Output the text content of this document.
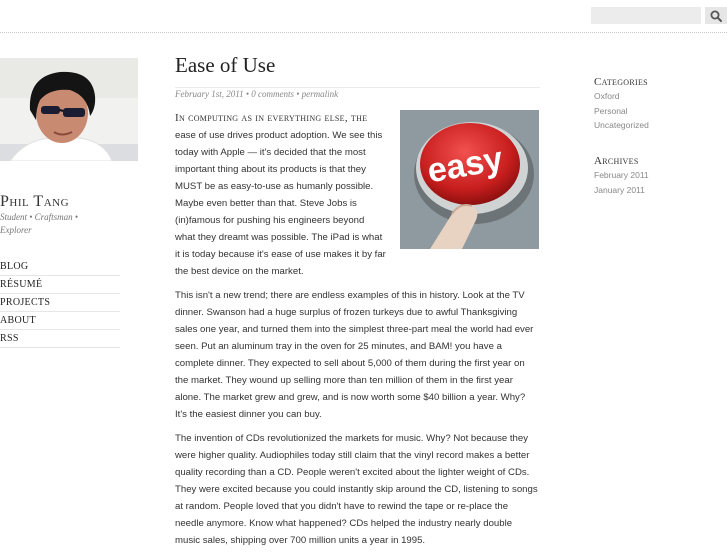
Phil Tang
Student • Craftsman • Explorer
BLOG
RÉSUMÉ
PROJECTS
ABOUT
RSS
Ease of Use
February 1st, 2011 • 0 comments • permalink
easy

In computing as in everything else, the ease of use drives product adoption. We see this today with Apple — it's decided that the most important thing about its products is that they MUST be as easy-to-use as humanly possible. Maybe even better than that. Steve Jobs is (in)famous for pushing his engineers beyond what they dreamt was possible. The iPad is what it is today because it's ease of use makes it by far the best device on the market.

This isn't a new trend; there are endless examples of this in history. Look at the TV dinner. Swanson had a huge surplus of frozen turkeys due to awful Thanksgiving sales one year, and turned them into the simplest three-part meal the world had ever seen. Put an aluminum tray in the oven for 25 minutes, and BAM! you have a complete dinner. They expected to sell about 5,000 of them during the first year on the market. They wound up selling more than ten million of them in the first year alone. The market grew and grew, and is now worth some $40 billion a year. Why? It's the easiest dinner you can buy.

The invention of CDs revolutionized the markets for music. Why? Not because they were higher quality. Audiophiles today still claim that the vinyl record makes a better quality recording than a CD. People weren't excited about the lighter weight of CDs. They were excited because you could instantly skip around the CD, listening to songs at random. People loved that you didn't have to rewind the tape or re-place the needle anymore. Know what happened? CDs helped the industry nearly double music sales, shipping over 700 million units a year in 1995.

Categories
Oxford
Personal
Uncategorized
Archives
February 2011
January 2011
